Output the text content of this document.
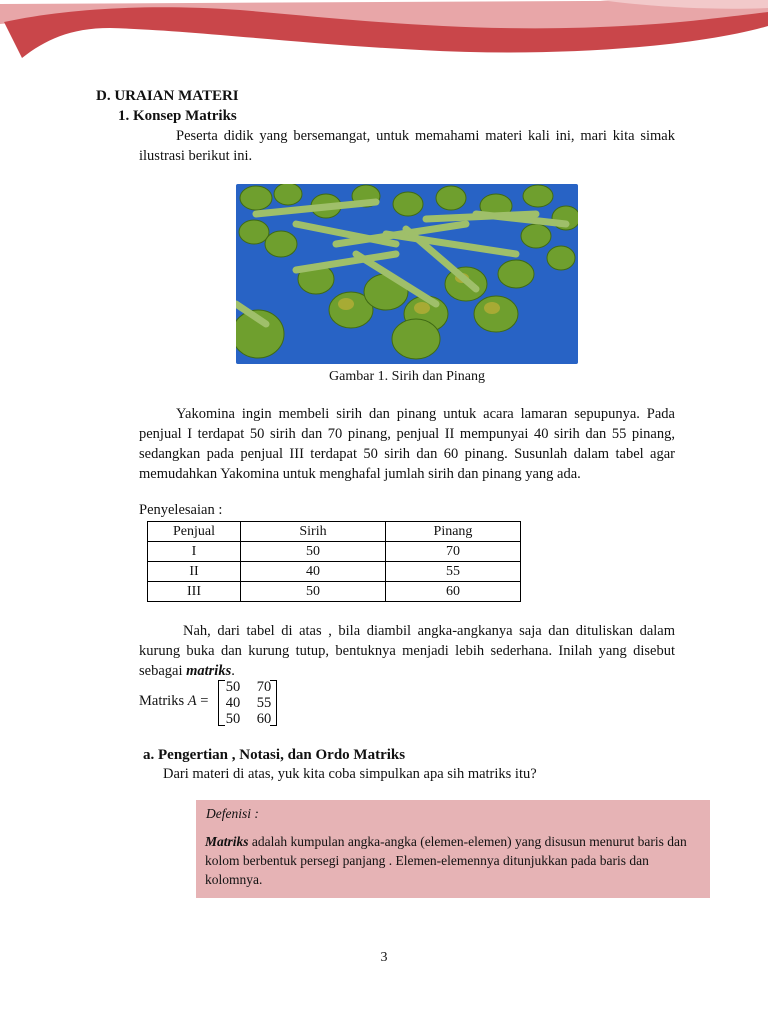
D. URAIAN MATERI
1. Konsep Matriks
Peserta didik yang bersemangat, untuk memahami materi kali ini, mari kita simak ilustrasi berikut ini.
Gambar 1. Sirih dan Pinang
Yakomina ingin membeli sirih dan pinang untuk acara lamaran sepupunya. Pada penjual I terdapat 50 sirih dan 70 pinang, penjual II mempunyai 40 sirih dan 55 pinang, sedangkan pada penjual III terdapat 50 sirih dan 60 pinang. Susunlah dalam tabel agar memudahkan Yakomina untuk menghafal jumlah sirih dan pinang yang ada.
Penyelesaian :
Penjual	Sirih	Pinang
I	50	70
II	40	55
III	50	60
Nah, dari tabel di atas , bila diambil angka-angkanya saja dan dituliskan dalam kurung buka dan kurung tutup, bentuknya menjadi lebih sederhana. Inilah yang disebut sebagai matriks.
Matriks A =
50 70
40 55
50 60
a. Pengertian , Notasi, dan Ordo Matriks
Dari materi di atas, yuk kita coba simpulkan apa sih matriks itu?
Defenisi :
Matriks adalah kumpulan angka-angka (elemen-elemen) yang disusun menurut baris dan kolom berbentuk persegi panjang . Elemen-elemennya ditunjukkan pada baris dan kolomnya.
3
